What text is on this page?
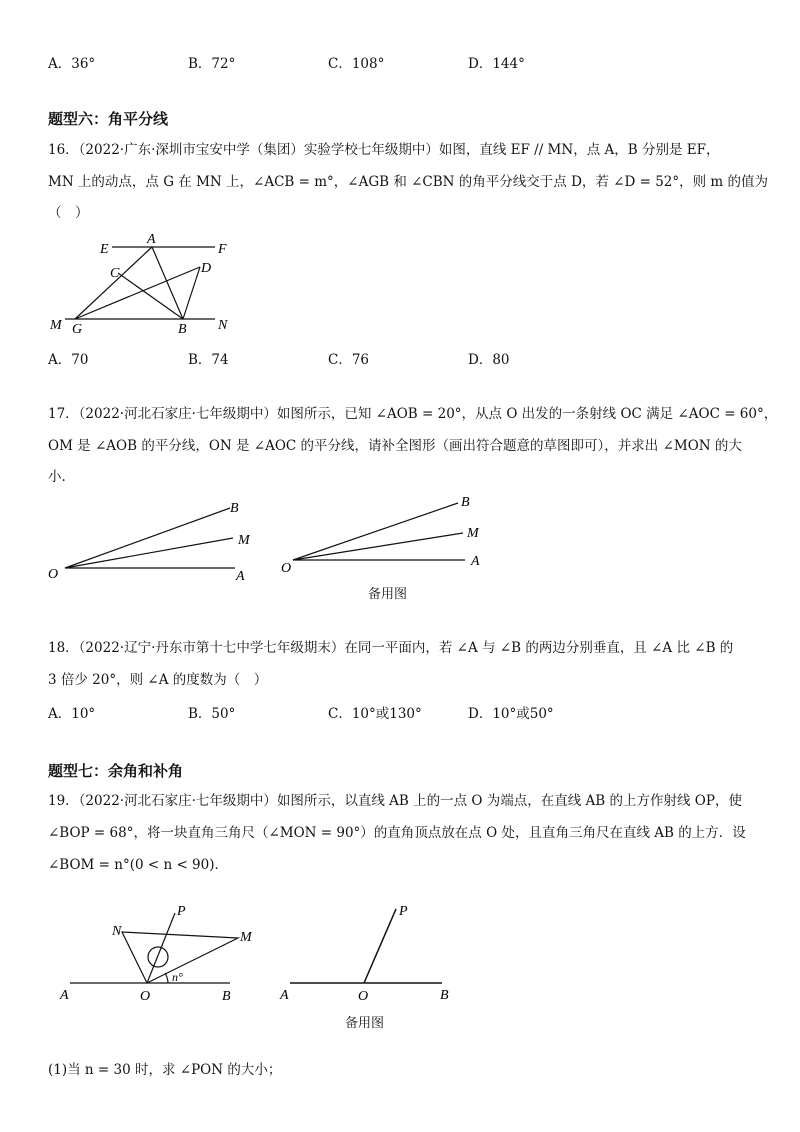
A．36°	B．72°	C．108°	D．144°
题型六：角平分线
16．（2022·广东·深圳市宝安中学（集团）实验学校七年级期中）如图，直线 EF // MN，点 A，B 分别是 EF，
MN 上的动点，点 G 在 MN 上，∠ACB = m°，∠AGB 和 ∠CBN 的角平分线交于点 D，若 ∠D = 52°，则 m 的值为
（　）
E
A
F
C	D
M G	B N
A．70	B．74	C．76	D．80
17．（2022·河北石家庄·七年级期中）如图所示，已知 ∠AOB = 20°，从点 O 出发的一条射线 OC 满足 ∠AOC = 60°，
OM 是 ∠AOB 的平分线，ON 是 ∠AOC 的平分线，请补全图形（画出符合题意的草图即可），并求出 ∠MON 的大
小.
O	A
M
B
O	A
M
B
备用图
18．（2022·辽宁·丹东市第十七中学七年级期末）在同一平面内，若 ∠A 与 ∠B 的两边分别垂直，且 ∠A 比 ∠B 的
3 倍少 20°，则 ∠A 的度数为（　）
A．10°	B．50°	C．10°或130°	D．10°或50°
题型七：余角和补角
19．（2022·河北石家庄·七年级期中）如图所示，以直线 AB 上的一点 O 为端点，在直线 AB 的上方作射线 OP，使
∠BOP = 68°，将一块直角三角尺（∠MON = 90°）的直角顶点放在点 O 处，且直角三角尺在直线 AB 的上方．设
∠BOM = n°(0 < n < 90)．
N
P
M
n°
A	O	B
P
A	O	B
备用图
(1)当 n = 30 时，求 ∠PON 的大小；
